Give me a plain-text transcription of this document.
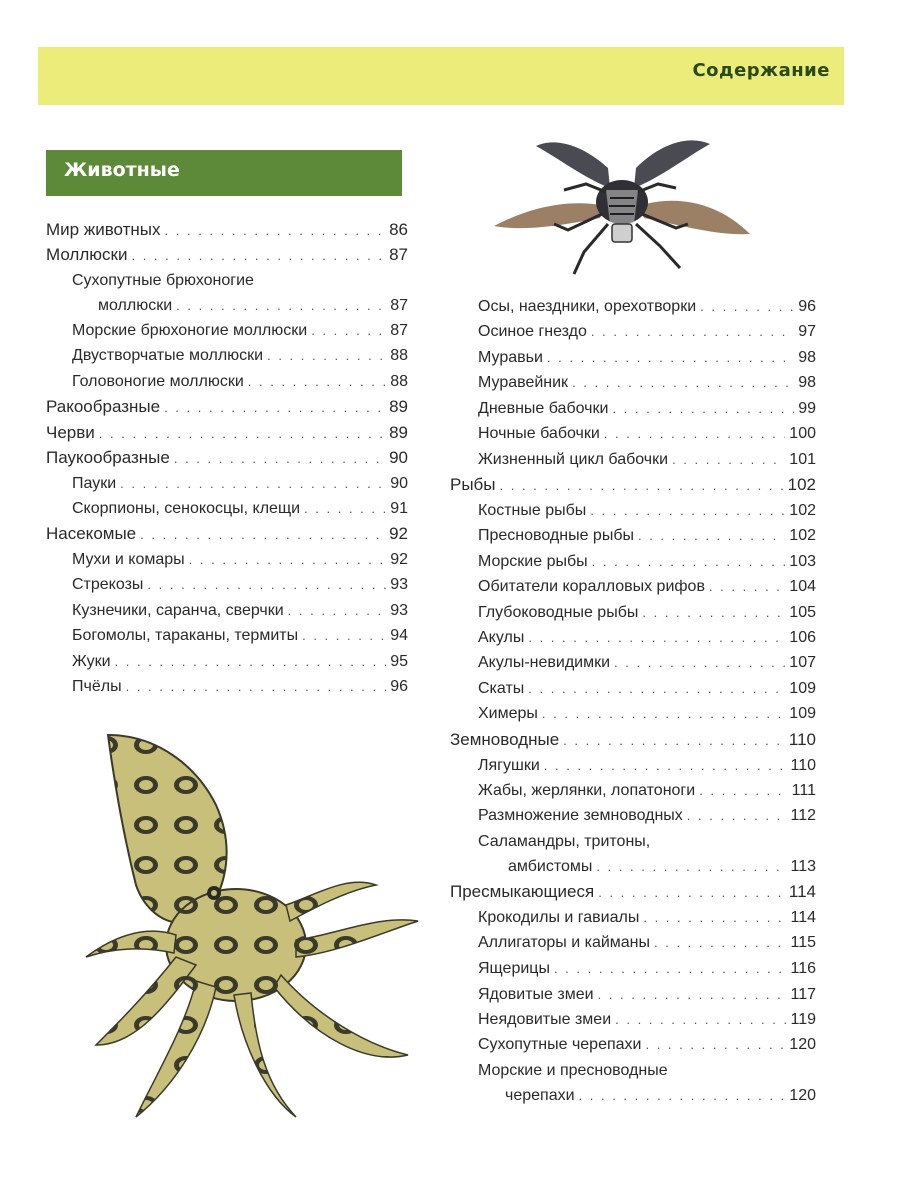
Содержание
Животные
Мир животных . . .	86
Моллюски . . .	87
Сухопутные брюхоногие
моллюски . . .	87
Морские брюхоногие моллюски . . .	87
Двустворчатые моллюски . . .	88
Головоногие моллюски . . .	88
Ракообразные . . .	89
Черви . . .	89
Паукообразные . . .	90
Пауки . . .	90
Скорпионы, сенокосцы, клещи . . .	91
Насекомые . . .	92
Мухи и комары . . .	92
Стрекозы . . .	93
Кузнечики, саранча, сверчки . . .	93
Богомолы, тараканы, термиты . . .	94
Жуки . . .	95
Пчёлы . . .	96
Осы, наездники, орехотворки . . .	96
Осиное гнездо . . .	97
Муравьи . . .	98
Муравейник . . .	98
Дневные бабочки . . .	99
Ночные бабочки . . .	100
Жизненный цикл бабочки . . .	101
Рыбы . . .	102
Костные рыбы . . .	102
Пресноводные рыбы . . .	102
Морские рыбы . . .	103
Обитатели коралловых рифов . . .	104
Глубоководные рыбы . . .	105
Акулы . . .	106
Акулы-невидимки . . .	107
Скаты . . .	109
Химеры . . .	109
Земноводные . . .	110
Лягушки . . .	110
Жабы, жерлянки, лопатоноги . . .	111
Размножение земноводных . . .	112
Саламандры, тритоны,
амбистомы . . .	113
Пресмыкающиеся . . .	114
Крокодилы и гавиалы . . .	114
Аллигаторы и кайманы . . .	115
Ящерицы . . .	116
Ядовитые змеи . . .	117
Неядовитые змеи . . .	119
Сухопутные черепахи . . .	120
Морские и пресноводные
черепахи . . .	120
